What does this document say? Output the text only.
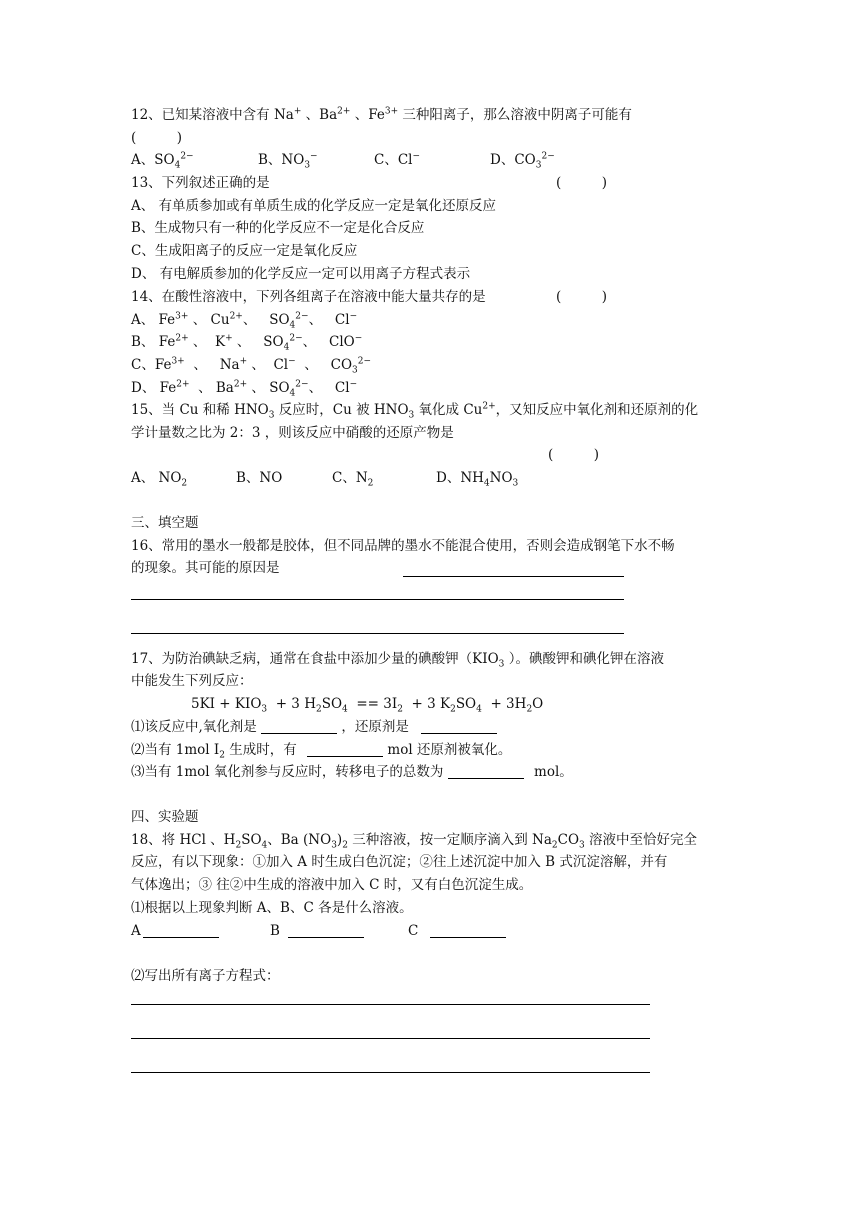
12、已知某溶液中含有 Na+ 、$Ba^{2+}$ 、$Fe^{3+}$ 三种阳离子，那么溶液中阴离子可能有
(　　　)
A、$SO_4^{2-}$	B、$NO_3^-$	C、Cl−	D、$CO_3^{2-}$
13、下列叙述正确的是	(　　　)
A、 有单质参加或有单质生成的化学反应一定是氧化还原反应
B、生成物只有一种的化学反应不一定是化合反应
C、生成阳离子的反应一定是氧化反应
D、 有电解质参加的化学反应一定可以用离子方程式表示
14、在酸性溶液中，下列各组离子在溶液中能大量共存的是	(　　　)
A、 $Fe^{3+}$ 、 $Cu^{2+}$、   $SO_4^{2-}$、   Cl−
B、 $Fe^{2+}$ 、  K+ 、   $SO_4^{2-}$、   ClO−
C、$Fe^{3+}$  、   Na+ 、  Cl−  、   $CO_3^{2-}$
D、 $Fe^{2+}$  、 $Ba^{2+}$ 、 $SO_4^{2-}$、   Cl−
15、当 Cu 和稀 $HNO_3$ 反应时，Cu 被 $HNO_3$ 氧化成 $Cu^{2+}$，又知反应中氧化剂和还原剂的化
学计量数之比为 2：3 ，则该反应中硝酸的还原产物是
(　　　)
A、 $NO_2$	B、NO	C、$N_2$	D、$NH_4NO_3$
三、填空题
16、常用的墨水一般都是胶体，但不同品牌的墨水不能混合使用，否则会造成钢笔下水不畅
的现象。其可能的原因是
17、为防治碘缺乏病，通常在食盐中添加少量的碘酸钾（$KIO_3$ ）。碘酸钾和碘化钾在溶液
中能发生下列反应：
$5KI + KIO_3 + 3$ $H_2SO_4 == 3I_2 + 3$ $K_2SO_4 + 3H_2O$
⑴该反应中,氧化剂是	，还原剂是
⑵当有 1mol $I_2$ 生成时，有	mol 还原剂被氧化。
⑶当有 1mol 氧化剂参与反应时，转移电子的总数为	mol。
四、实验题
18、将 HCl 、$H_2SO_4$、Ba $(NO_3)_2$ 三种溶液，按一定顺序滴入到 $Na_2CO_3$ 溶液中至恰好完全
反应，有以下现象：①加入 A 时生成白色沉淀；②往上述沉淀中加入 B 式沉淀溶解，并有
气体逸出；③ 往②中生成的溶液中加入 C 时，又有白色沉淀生成。
⑴根据以上现象判断 A、B、C 各是什么溶液。
A	B	C
⑵写出所有离子方程式：
